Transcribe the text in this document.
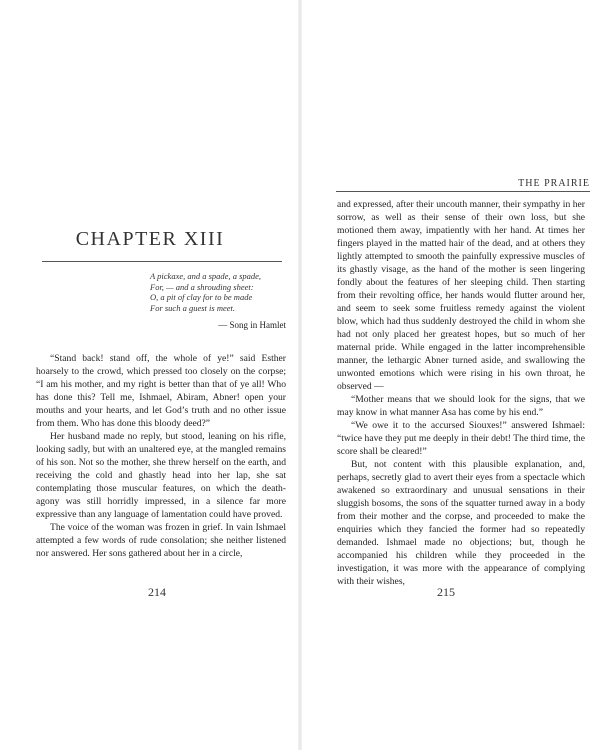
CHAPTER XIII
A pickaxe, and a spade, a spade,
For, — and a shrouding sheet:
O, a pit of clay for to be made
For such a guest is meet.
— Song in Hamlet

“Stand back! stand off, the whole of ye!” said Esther hoarsely to the crowd, which pressed too closely on the corpse; “I am his mother, and my right is better than that of ye all! Who has done this? Tell me, Ishmael, Abiram, Abner! open your mouths and your hearts, and let God’s truth and no other issue from them. Who has done this bloody deed?”

Her husband made no reply, but stood, leaning on his rifle, looking sadly, but with an unaltered eye, at the mangled remains of his son. Not so the mother, she threw herself on the earth, and receiving the cold and ghastly head into her lap, she sat contemplating those muscular features, on which the death-agony was still horridly impressed, in a silence far more expressive than any language of lamentation could have proved.

The voice of the woman was frozen in grief. In vain Ishmael attempted a few words of rude consolation; she neither listened nor answered. Her sons gathered about her in a circle,

214
THE PRAIRIE

and expressed, after their uncouth manner, their sympathy in her sorrow, as well as their sense of their own loss, but she motioned them away, impatiently with her hand. At times her fingers played in the matted hair of the dead, and at others they lightly attempted to smooth the painfully expressive muscles of its ghastly visage, as the hand of the mother is seen lingering fondly about the features of her sleeping child. Then starting from their revolting office, her hands would flutter around her, and seem to seek some fruitless remedy against the violent blow, which had thus suddenly destroyed the child in whom she had not only placed her greatest hopes, but so much of her maternal pride. While engaged in the latter incomprehensible manner, the lethargic Abner turned aside, and swallowing the unwonted emotions which were rising in his own throat, he observed —

“Mother means that we should look for the signs, that we may know in what manner Asa has come by his end.”

“We owe it to the accursed Siouxes!” answered Ishmael: “twice have they put me deeply in their debt! The third time, the score shall be cleared!”

But, not content with this plausible explanation, and, perhaps, secretly glad to avert their eyes from a spectacle which awakened so extraordinary and unusual sensations in their sluggish bosoms, the sons of the squatter turned away in a body from their mother and the corpse, and proceeded to make the enquiries which they fancied the former had so repeatedly demanded. Ishmael made no objections; but, though he accompanied his children while they proceeded in the investigation, it was more with the appearance of complying with their wishes,

215
